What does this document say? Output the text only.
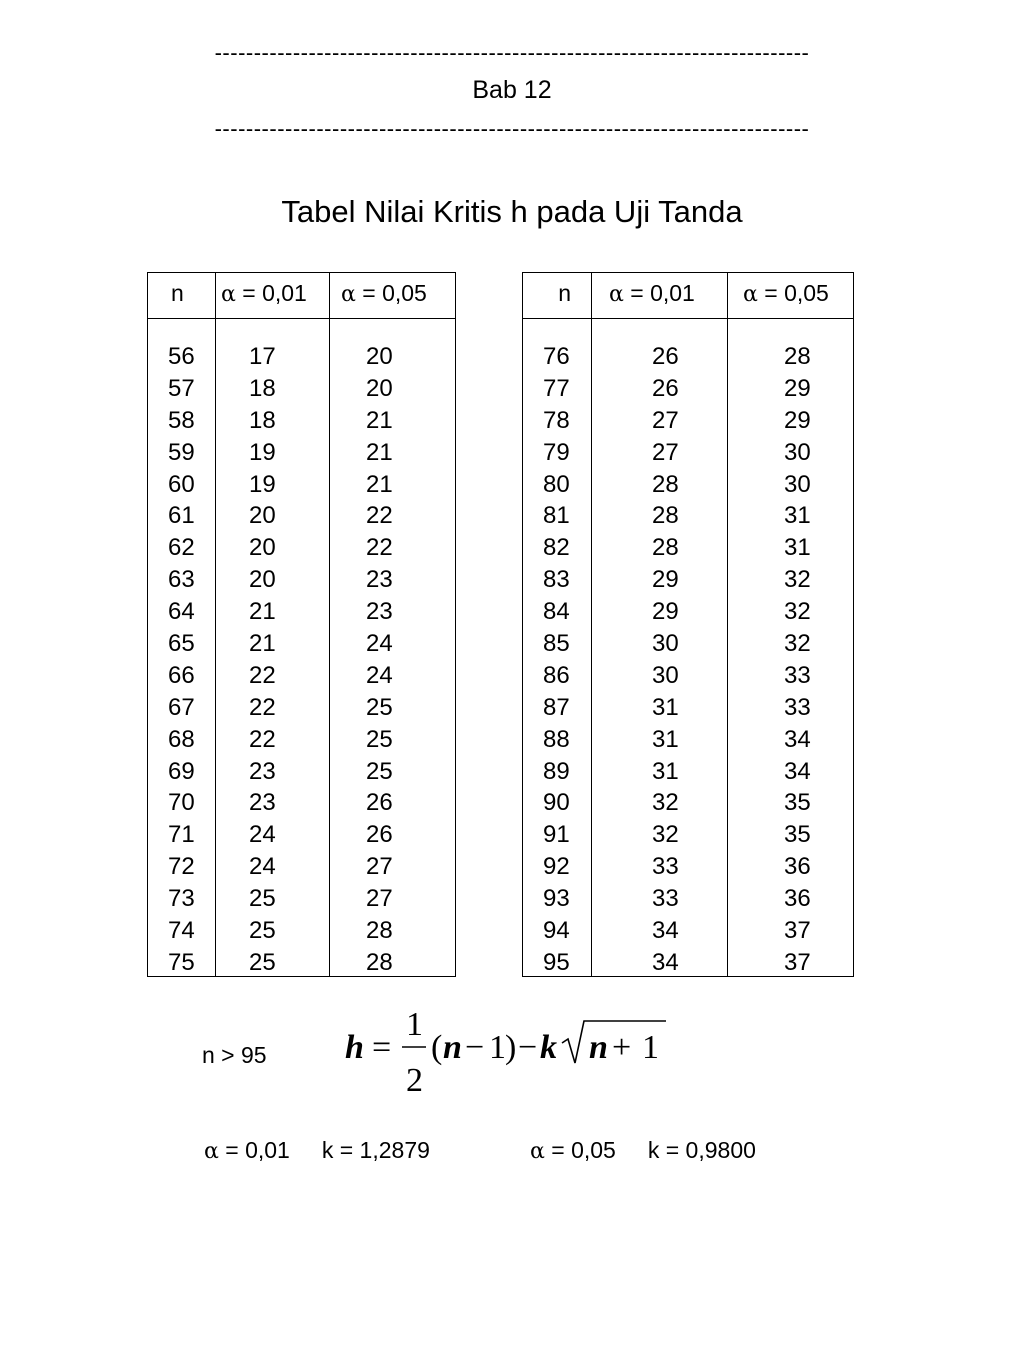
----------------------------------------------------------------------------
Bab 12
----------------------------------------------------------------------------
Tabel Nilai Kritis h pada Uji Tanda
n
56
57
58
59
60
61
62
63
64
65
66
67
68
69
70
71
72
73
74
75
α = 0,01
17
18
18
19
19
20
20
20
21
21
22
22
22
23
23
24
24
25
25
25
α = 0,05
20
20
21
21
21
22
22
23
23
24
24
25
25
25
26
26
27
27
28
28
n
76
77
78
79
80
81
82
83
84
85
86
87
88
89
90
91
92
93
94
95
α = 0,01
26
26
27
27
28
28
28
29
29
30
30
31
31
31
32
32
33
33
34
34
α = 0,05
28
29
29
30
30
31
31
32
32
32
33
33
34
34
35
35
36
36
37
37
n > 95 h =
1
2
( n − 1 ) − k n + 1
α = 0,01 k = 1,2879	α = 0,05 k = 0,9800
